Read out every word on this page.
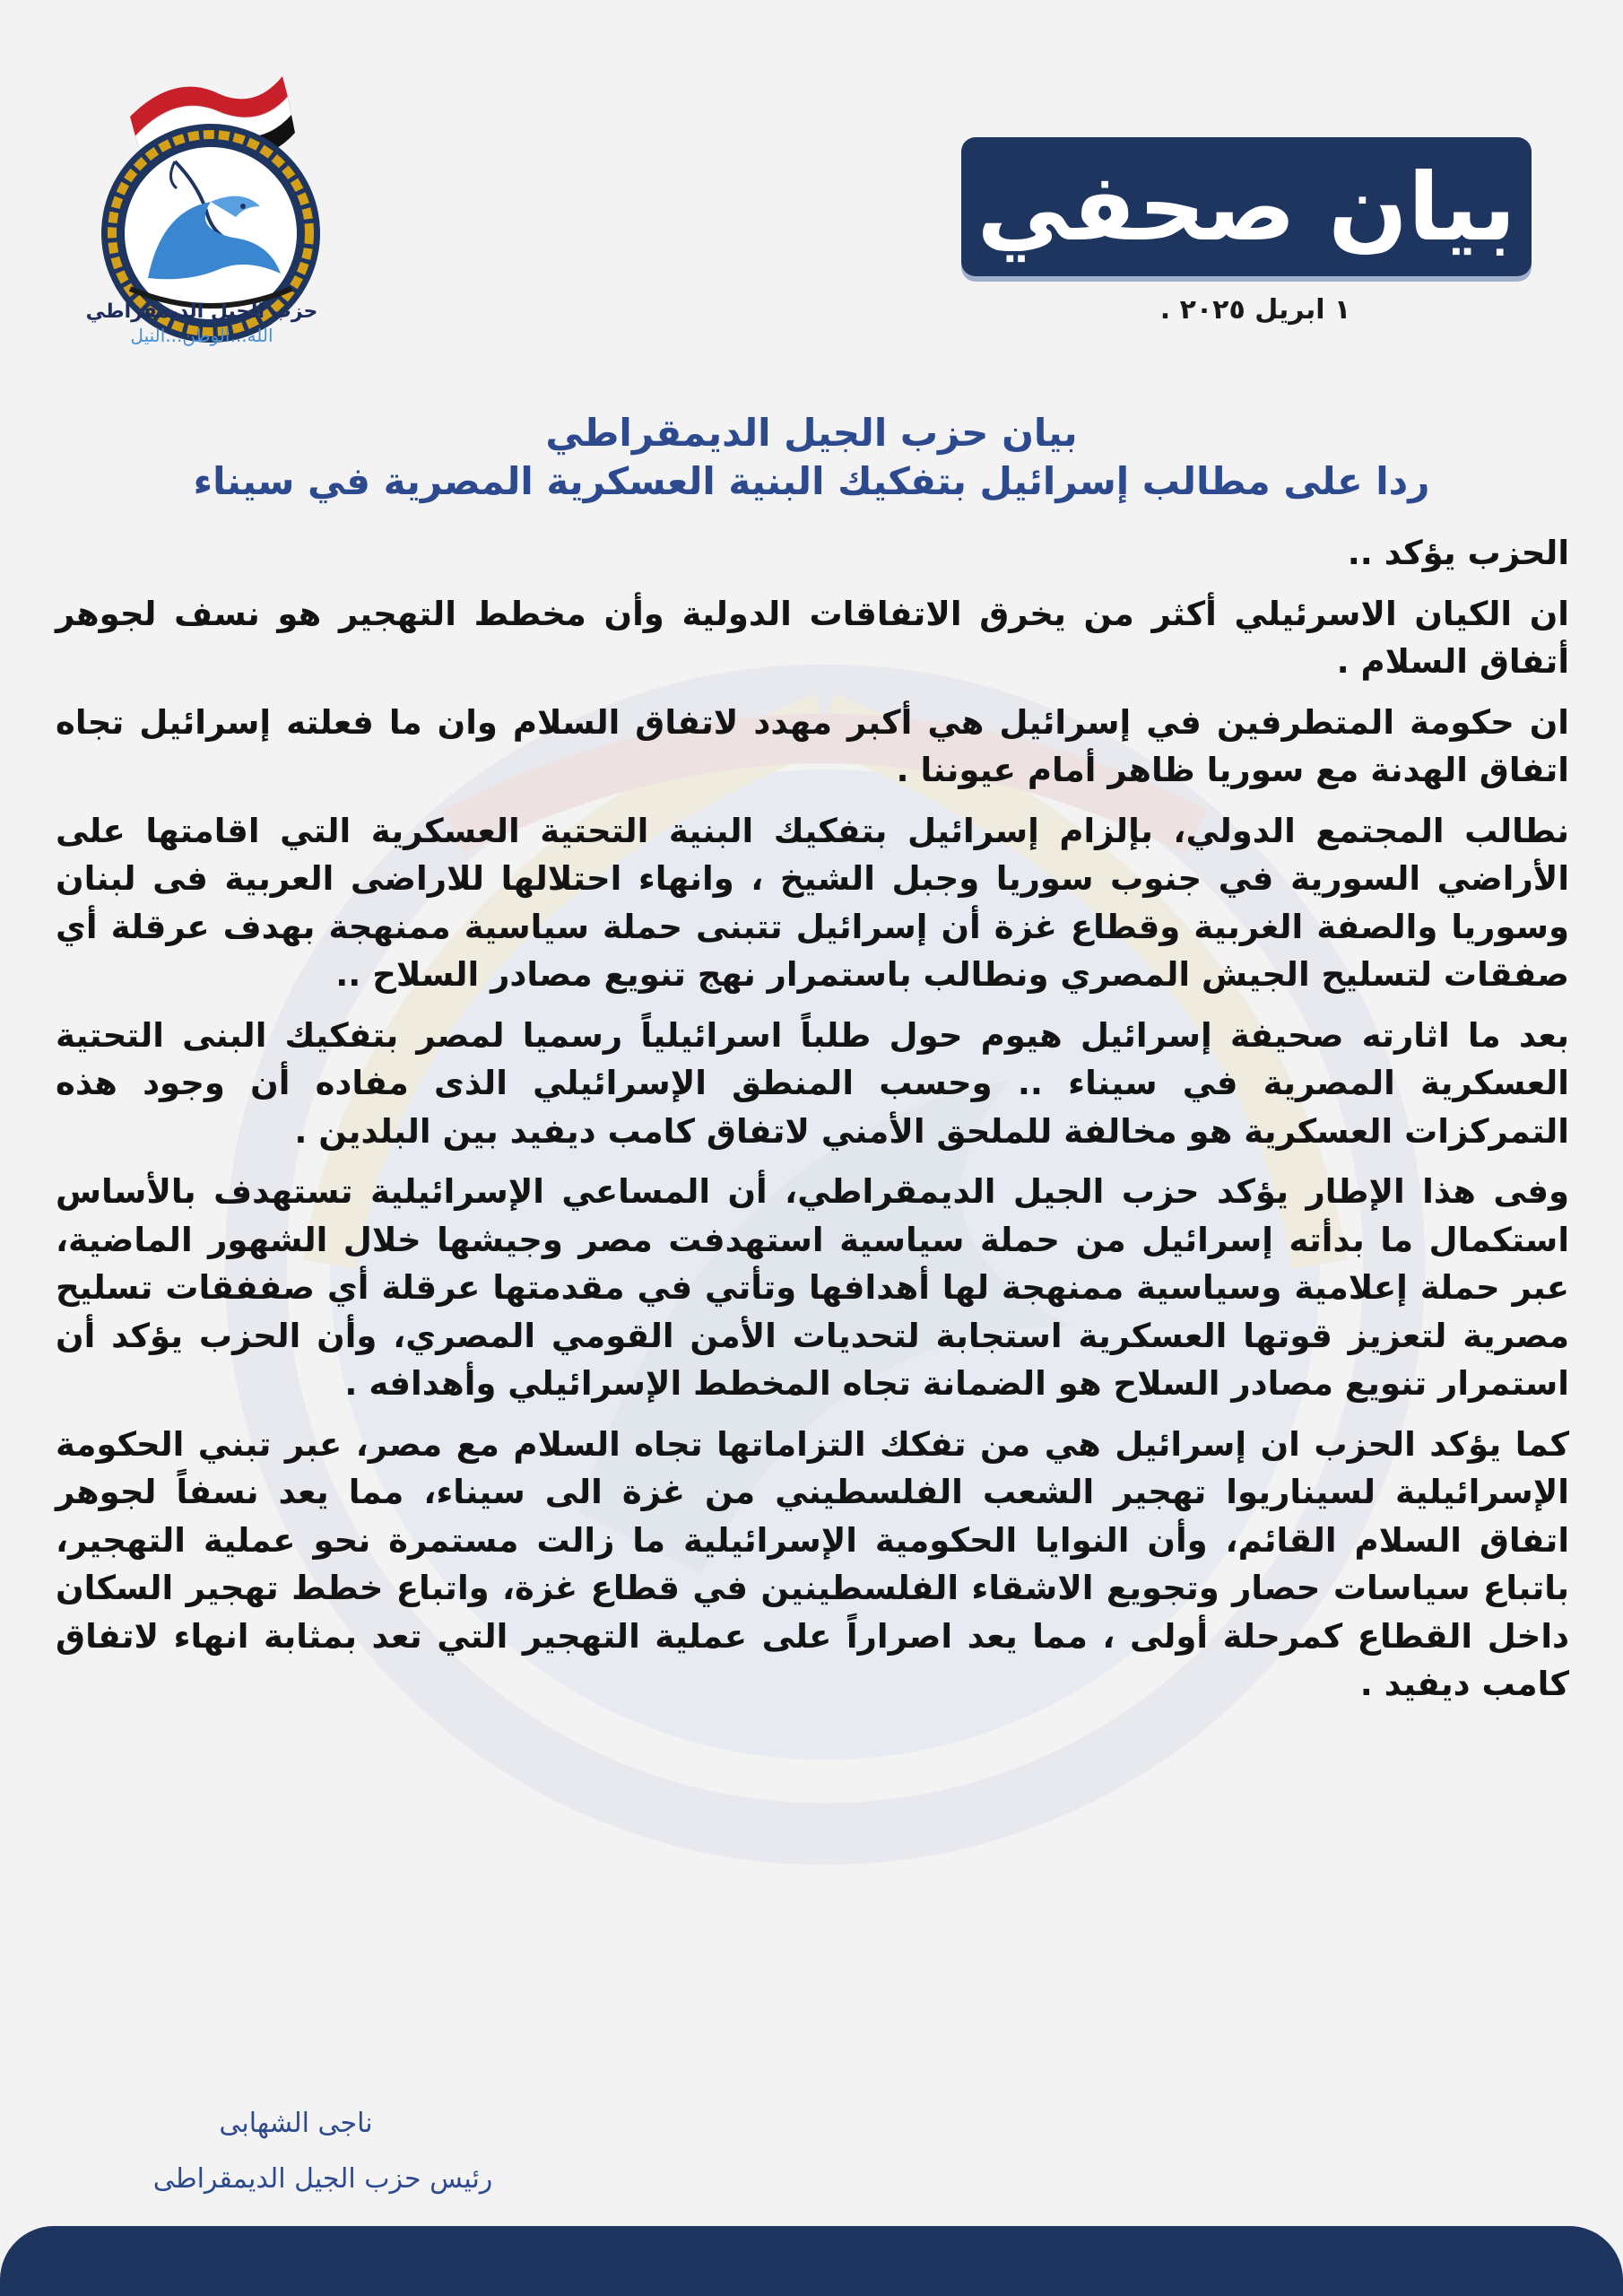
حزب الجيل الديمقراطي
الله...الوطن...النيل
بيان صحفي
١ ابريل ٢٠٢٥ .
بيان حزب الجيل الديمقراطي
ردا على مطالب إسرائيل بتفكيك البنية العسكرية المصرية في سيناء

الحزب يؤكد ..

ان الكيان الاسرئيلي أكثر من يخرق الاتفاقات الدولية وأن مخطط التهجير هو نسف لجوهر أتفاق السلام .

ان حكومة المتطرفين في إسرائيل هي أكبر مهدد لاتفاق السلام وان ما فعلته إسرائيل تجاه اتفاق الهدنة مع سوريا ظاهر أمام عيوننا .

نطالب المجتمع الدولي، بإلزام إسرائيل بتفكيك البنية التحتية العسكرية التي اقامتها على الأراضي السورية في جنوب سوريا وجبل الشيخ ، وانهاء احتلالها للاراضى العربية فى لبنان وسوريا والصفة الغربية وقطاع غزة أن إسرائيل تتبنى حملة سياسية ممنهجة بهدف عرقلة أي صفقات لتسليح الجيش المصري ونطالب باستمرار نهج تنويع مصادر السلاح ..

بعد ما اثارته صحيفة إسرائيل هيوم حول طلباً اسرائيلياً رسميا لمصر بتفكيك البنى التحتية العسكرية المصرية في سيناء .. وحسب المنطق الإسرائيلي الذى مفاده أن وجود هذه التمركزات العسكرية هو مخالفة للملحق الأمني لاتفاق كامب ديفيد بين البلدين .

وفى هذا الإطار يؤكد حزب الجيل الديمقراطي، أن المساعي الإسرائيلية تستهدف بالأساس استكمال ما بدأته إسرائيل من حملة سياسية استهدفت مصر وجيشها خلال الشهور الماضية، عبر حملة إعلامية وسياسية ممنهجة لها أهدافها وتأتي في مقدمتها عرقلة أي صففقات تسليح مصرية لتعزيز قوتها العسكرية استجابة لتحديات الأمن القومي المصري، وأن الحزب يؤكد أن استمرار تنويع مصادر السلاح هو الضمانة تجاه المخطط الإسرائيلي وأهدافه .

كما يؤكد الحزب ان إسرائيل هي من تفكك التزاماتها تجاه السلام مع مصر، عبر تبني الحكومة الإسرائيلية لسيناريوا تهجير الشعب الفلسطيني من غزة الى سيناء، مما يعد نسفاً لجوهر اتفاق السلام القائم، وأن النوايا الحكومية الإسرائيلية ما زالت مستمرة نحو عملية التهجير، باتباع سياسات حصار وتجويع الاشقاء الفلسطينين في قطاع غزة، واتباع خطط تهجير السكان داخل القطاع كمرحلة أولى ، مما يعد اصراراً على عملية التهجير التي تعد بمثابة انهاء لاتفاق كامب ديفيد .

ناجى الشهابى
رئيس حزب الجيل الديمقراطى
